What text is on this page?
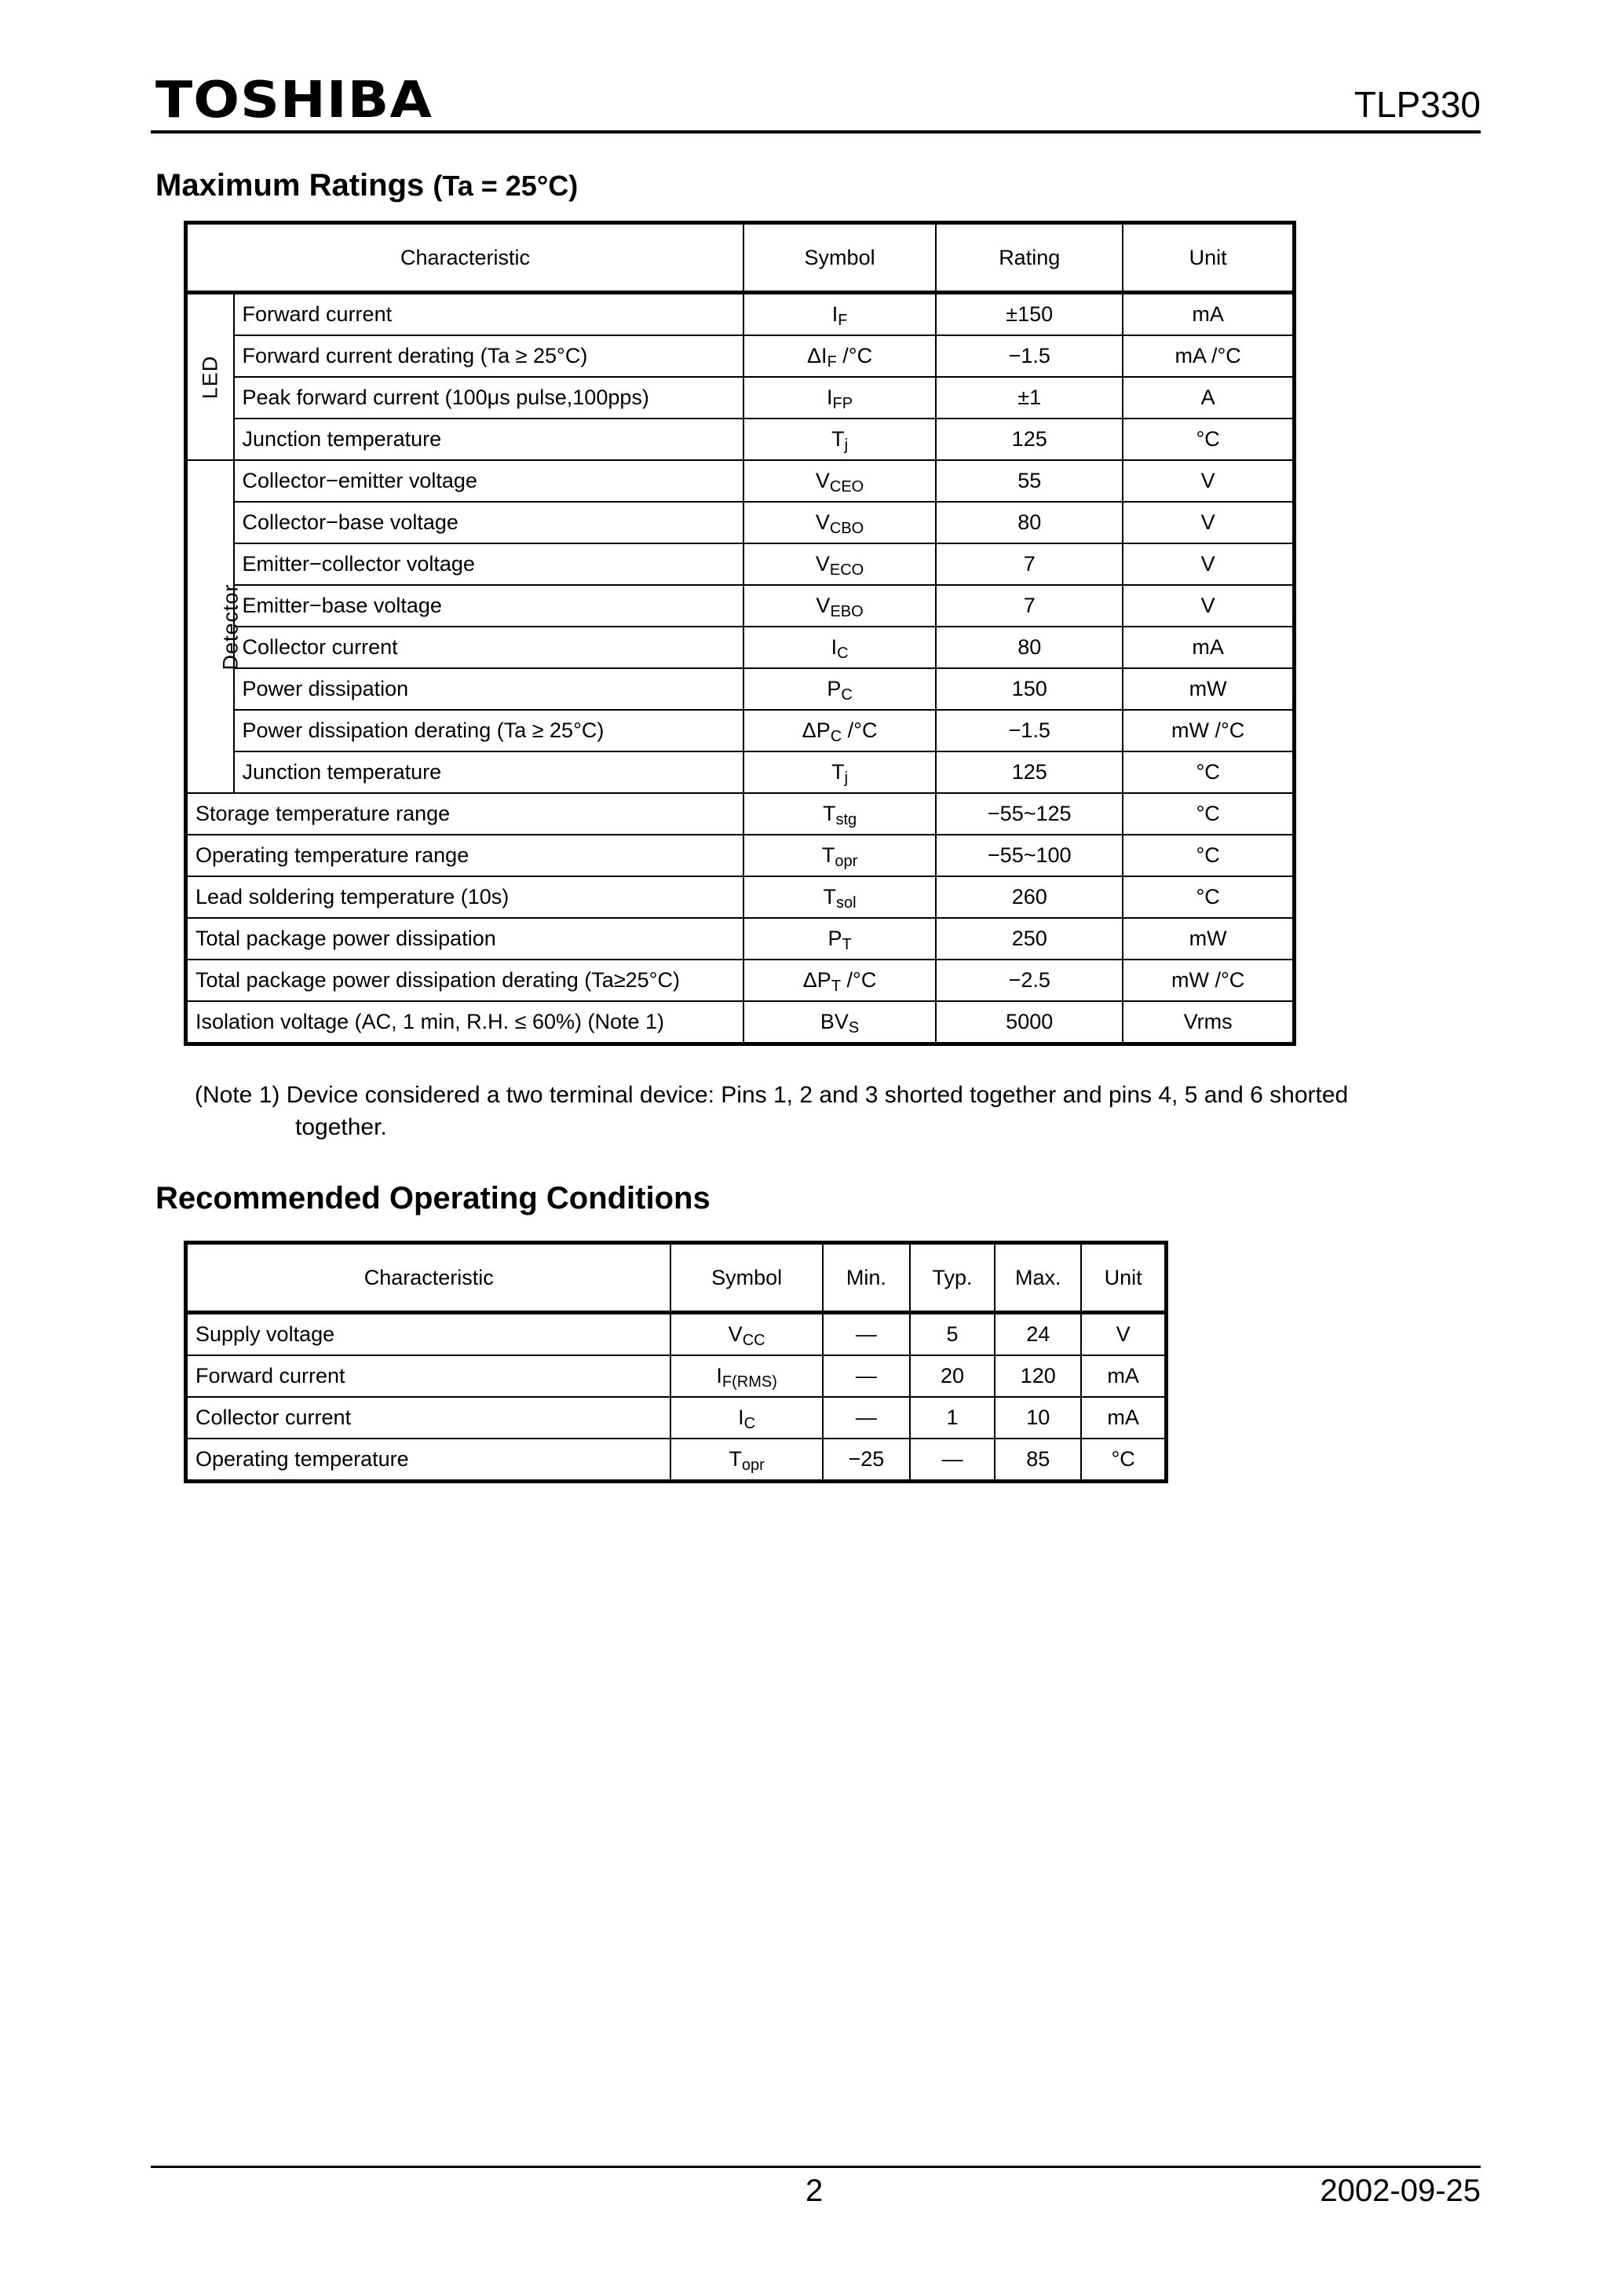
TOSHIBA	TLP330
Maximum Ratings (Ta = 25°C)
Characteristic		Symbol	Rating	Unit
LED	Forward current	$I_F$	±150	mA
	Forward current derating (Ta ≥ 25°C)	$\Delta I_F$ /°C	−1.5	mA /°C
	Peak forward current (100μs pulse,100pps)	$I_{FP}$	±1	A
	Junction temperature	$T_j$	125	°C
Detector	Collector−emitter voltage	$V_{CEO}$	55	V
	Collector−base voltage	$V_{CBO}$	80	V
	Emitter−collector voltage	$V_{ECO}$	7	V
	Emitter−base voltage	$V_{EBO}$	7	V
	Collector current	$I_C$	80	mA
	Power dissipation	$P_C$	150	mW
	Power dissipation derating (Ta ≥ 25°C)	$\Delta P_C$ /°C	−1.5	mW /°C
	Junction temperature	$T_j$	125	°C
Storage temperature range		$T_{stg}$	−55~125	°C
Operating temperature range		$T_{opr}$	−55~100	°C
Lead soldering temperature (10s)		$T_{sol}$	260	°C
Total package power dissipation		$P_T$	250	mW
Total package power dissipation derating (Ta≥25°C)		$\Delta P_T$ /°C	−2.5	mW /°C
Isolation voltage (AC, 1 min, R.H. ≤ 60%) (Note 1)		$BV_S$	5000	Vrms
(Note 1) Device considered a two terminal device: Pins 1, 2 and 3 shorted together and pins 4, 5 and 6 shorted
together.
Recommended Operating Conditions
Characteristic	Symbol	Min.	Typ.	Max.	Unit
Supply voltage	$V_{CC}$	—	5	24	V
Forward current	$I_{F(RMS)}$	—	20	120	mA
Collector current	$I_C$	—	1	10	mA
Operating temperature	$T_{opr}$	−25	—	85	°C
2	2002-09-25
